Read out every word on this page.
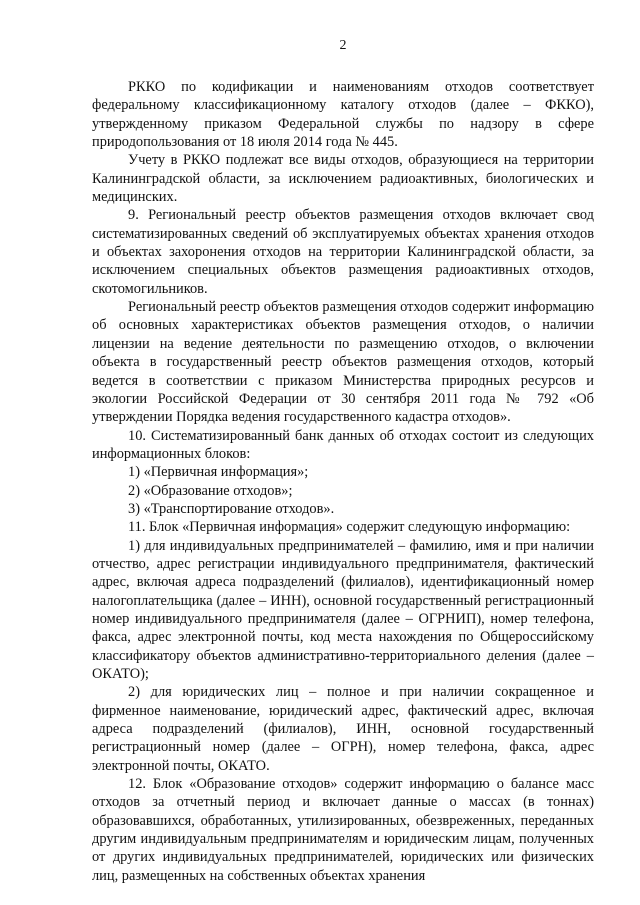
2

РККО по кодификации и наименованиям отходов соответствует федеральному классификационному каталогу отходов (далее – ФККО), утвержденному приказом Федеральной службы по надзору в сфере природопользования от 18 июля 2014 года № 445.

Учету в РККО подлежат все виды отходов, образующиеся на территории Калининградской области, за исключением радиоактивных, биологических и медицинских.

9. Региональный реестр объектов размещения отходов включает свод систематизированных сведений об эксплуатируемых объектах хранения отходов и объектах захоронения отходов на территории Калининградской области, за исключением специальных объектов размещения радиоактивных отходов, скотомогильников.

Региональный реестр объектов размещения отходов содержит информацию об основных характеристиках объектов размещения отходов, о наличии лицензии на ведение деятельности по размещению отходов, о включении объекта в государственный реестр объектов размещения отходов, который ведется в соответствии с приказом Министерства природных ресурсов и экологии Российской Федерации от 30 сентября 2011 года № 792 «Об утверждении Порядка ведения государственного кадастра отходов».

10. Систематизированный банк данных об отходах состоит из следующих информационных блоков:

1) «Первичная информация»;

2) «Образование отходов»;

3) «Транспортирование отходов».

11. Блок «Первичная информация» содержит следующую информацию:

1) для индивидуальных предпринимателей – фамилию, имя и при наличии отчество, адрес регистрации индивидуального предпринимателя, фактический адрес, включая адреса подразделений (филиалов), идентификационный номер налогоплательщика (далее – ИНН), основной государственный регистрационный номер индивидуального предпринимателя (далее – ОГРНИП), номер телефона, факса, адрес электронной почты, код места нахождения по Общероссийскому классификатору объектов административно-территориального деления (далее – ОКАТО);

2) для юридических лиц – полное и при наличии сокращенное и фирменное наименование, юридический адрес, фактический адрес, включая адреса подразделений (филиалов), ИНН, основной государственный регистрационный номер (далее – ОГРН), номер телефона, факса, адрес электронной почты, ОКАТО.

12. Блок «Образование отходов» содержит информацию о балансе масс отходов за отчетный период и включает данные о массах (в тоннах) образовавшихся, обработанных, утилизированных, обезвреженных, переданных другим индивидуальным предпринимателям и юридическим лицам, полученных от других индивидуальных предпринимателей, юридических или физических лиц, размещенных на собственных объектах хранения
